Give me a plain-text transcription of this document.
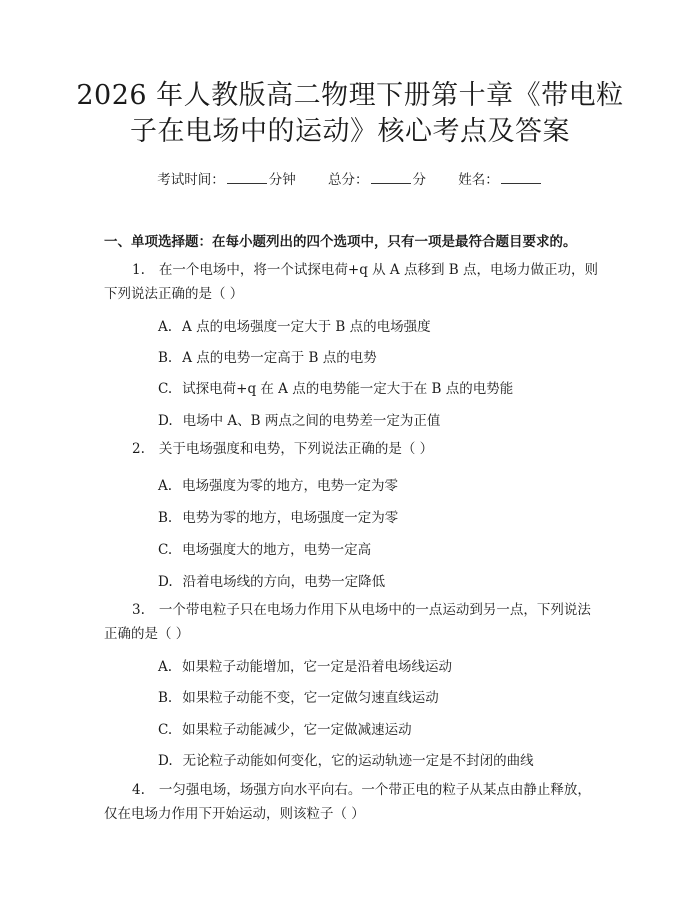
2026 年人教版高二物理下册第十章《带电粒
子在电场中的运动》核心考点及答案
考试时间：	分钟 总分：	分 姓名：
一、单项选择题：在每小题列出的四个选项中，只有一项是最符合题目要求的。

1. 在一个电场中，将一个试探电荷+q 从 A 点移到 B 点，电场力做正功，则下列说法正确的是（ ）

A. A 点的电场强度一定大于 B 点的电场强度
B. A 点的电势一定高于 B 点的电势
C. 试探电荷+q 在 A 点的电势能一定大于在 B 点的电势能
D. 电场中 A、B 两点之间的电势差一定为正值

2. 关于电场强度和电势，下列说法正确的是（ ）

A. 电场强度为零的地方，电势一定为零
B. 电势为零的地方，电场强度一定为零
C. 电场强度大的地方，电势一定高
D. 沿着电场线的方向，电势一定降低

3. 一个带电粒子只在电场力作用下从电场中的一点运动到另一点，下列说法正确的是（ ）

A. 如果粒子动能增加，它一定是沿着电场线运动
B. 如果粒子动能不变，它一定做匀速直线运动
C. 如果粒子动能减少，它一定做减速运动
D. 无论粒子动能如何变化，它的运动轨迹一定是不封闭的曲线

4. 一匀强电场，场强方向水平向右。一个带正电的粒子从某点由静止释放，仅在电场力作用下开始运动，则该粒子（ ）
